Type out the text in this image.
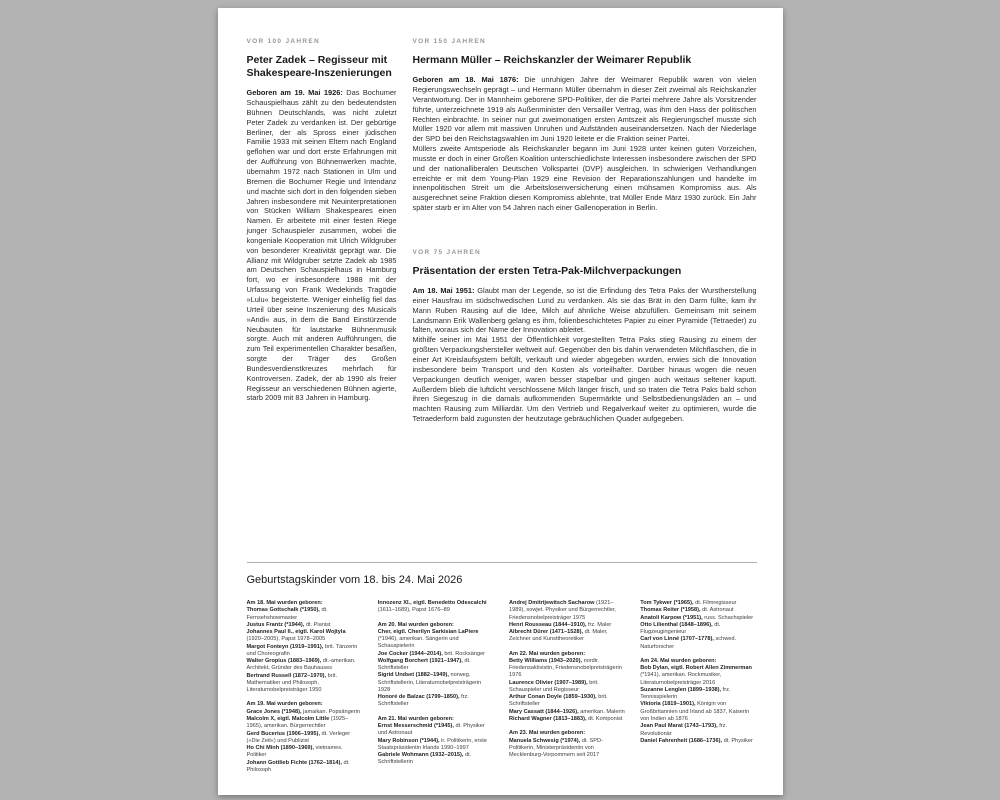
VOR 100 JAHREN
Peter Zadek – Regisseur mit Shakespeare-Inszenierungen

Geboren am 19. Mai 1926: Das Bochumer Schauspielhaus zählt zu den bedeutendsten Bühnen Deutschlands, was nicht zuletzt Peter Zadek zu verdanken ist. Der gebürtige Berliner, der als Spross einer jüdischen Familie 1933 mit seinen Eltern nach England geflohen war und dort erste Erfahrungen mit der Aufführung von Bühnenwerken machte, übernahm 1972 nach Stationen in Ulm und Bremen die Bochumer Regie und Intendanz und machte sich dort in den folgenden sieben Jahren insbesondere mit Neuinterpretationen von Stücken William Shakespeares einen Namen. Er arbeitete mit einer festen Riege junger Schauspieler zusammen, wobei die kongeniale Kooperation mit Ulrich Wildgruber von besonderer Kreativität geprägt war. Die Allianz mit Wildgruber setzte Zadek ab 1985 am Deutschen Schauspielhaus in Hamburg fort, wo er insbesondere 1988 mit der Urfassung von Frank Wedekinds Tragödie »Lulu« begeisterte. Weniger einhellig fiel das Urteil über seine Inszenierung des Musicals »Andi« aus, in dem die Band Einstürzende Neubauten für lautstarke Bühnenmusik sorgte. Auch mit anderen Aufführungen, die zum Teil experimentellen Charakter besaßen, sorgte der Träger des Großen Bundesverdienstkreuzes mehrfach für Kontroversen. Zadek, der ab 1990 als freier Regisseur an verschiedenen Bühnen agierte, starb 2009 mit 83 Jahren in Hamburg.

VOR 150 JAHREN
Hermann Müller – Reichskanzler der Weimarer Republik

Geboren am 18. Mai 1876: Die unruhigen Jahre der Weimarer Republik waren von vielen Regierungswechseln geprägt – und Hermann Müller übernahm in dieser Zeit zweimal als Reichskanzler Verantwortung. Der in Mannheim geborene SPD-Politiker, der die Partei mehrere Jahre als Vorsitzender führte, unterzeichnete 1919 als Außenminister den Versailler Vertrag, was ihm den Hass der politischen Rechten einbrachte. In seiner nur gut zweimonatigen ersten Amtszeit als Regierungschef musste sich Müller 1920 vor allem mit massiven Unruhen und Aufständen auseinandersetzen. Nach der Niederlage der SPD bei den Reichstagswahlen im Juni 1920 leitete er die Fraktion seiner Partei.

Müllers zweite Amtsperiode als Reichskanzler begann im Juni 1928 unter keinen guten Vorzeichen, musste er doch in einer Großen Koalition unterschiedlichste Interessen insbesondere zwischen der SPD und der nationalliberalen Deutschen Volkspartei (DVP) ausgleichen. In schwierigen Verhandlungen erreichte er mit dem Young-Plan 1929 eine Revision der Reparationszahlungen und handelte im innenpolitischen Streit um die Arbeitslosenversicherung einen mühsamen Kompromiss aus. Als ausgerechnet seine Fraktion diesen Kompromiss ablehnte, trat Müller Ende März 1930 zurück. Ein Jahr später starb er im Alter von 54 Jahren nach einer Gallenoperation in Berlin.

VOR 75 JAHREN
Präsentation der ersten Tetra-Pak-Milchverpackungen

Am 18. Mai 1951: Glaubt man der Legende, so ist die Erfindung des Tetra Paks der Wurstherstellung einer Hausfrau im südschwedischen Lund zu verdanken. Als sie das Brät in den Darm füllte, kam ihr Mann Ruben Rausing auf die Idee, Milch auf ähnliche Weise abzufüllen. Gemeinsam mit seinem Landsmann Erik Wallenberg gelang es ihm, folienbeschichtetes Papier zu einer Pyramide (Tetraeder) zu falten, woraus sich der Name der Innovation ableitet.

Mithilfe seiner im Mai 1951 der Öffentlichkeit vorgestellten Tetra Paks stieg Rausing zu einem der größten Verpackungshersteller weltweit auf. Gegenüber den bis dahin verwendeten Milchflaschen, die in einer Art Kreislaufsystem befüllt, verkauft und wieder abgegeben wurden, erwies sich die Innovation insbesondere beim Transport und den Kosten als vorteilhafter. Darüber hinaus wogen die neuen Verpackungen deutlich weniger, waren besser stapelbar und gingen auch weitaus seltener kaputt. Außerdem blieb die luftdicht verschlossene Milch länger frisch, und so traten die Tetra Paks bald schon ihren Siegeszug in die damals aufkommenden Supermärkte und Selbstbedienungsläden an – und machten Rausing zum Milliardär. Um den Vertrieb und Regalverkauf weiter zu optimieren, wurde die Tetraederform bald zugunsten der heutzutage gebräuchlichen Quader aufgegeben.

Geburtstagskinder vom 18. bis 24. Mai 2026
Am 18. Mai wurden geboren:
Thomas Gottschalk (*1950), dt. Fernsehshowmaster
Justus Frantz (*1944), dt. Pianist
Johannes Paul II., eigtl. Karol Wojtyla (1920–2005), Papst 1978–2005
Margot Fonteyn (1919–1991), brit. Tänzerin und Choreografin
Walter Gropius (1883–1969), dt.-amerikan. Architekt, Gründer des Bauhauses
Bertrand Russell (1872–1970), brit. Mathematiker und Philosoph, Literaturnobelpreisträger 1950
Am 19. Mai wurden geboren:
Grace Jones (*1948), jamaikan. Popsängerin
Malcolm X, eigtl. Malcolm Little (1925–1965), amerikan. Bürgerrechtler
Gerd Bucerius (1906–1995), dt. Verleger (»Die Zeit«) und Publizist
Ho Chi Minh (1890–1969), vietnames. Politiker
Johann Gottlieb Fichte (1762–1814), dt. Philosoph
Innozenz XI., eigtl. Benedetto Odescalchi (1611–1689), Papst 1676–89
Am 20. Mai wurden geboren:
Cher, eigtl. Cherilyn Sarkisian LaPiere (*1946), amerikan. Sängerin und Schauspielerin
Joe Cocker (1944–2014), brit. Rocksänger
Wolfgang Borchert (1921–1947), dt. Schriftsteller
Sigrid Undset (1882–1949), norweg. Schriftstellerin, Literaturnobelpreisträgerin 1928
Honoré de Balzac (1799–1850), frz. Schriftsteller
Am 21. Mai wurden geboren:
Ernst Messerschmid (*1945), dt. Physiker und Astronaut
Mary Robinson (*1944), ir. Politikerin, erste Staatspräsidentin Irlands 1990–1997
Gabriele Wohmann (1932–2015), dt. Schriftstellerin
Andrej Dmitrijewitsch Sacharow (1921–1989), sowjet. Physiker und Bürgerrechtler, Friedensnobelpreisträger 1975
Henri Rousseau (1844–1910), frz. Maler
Albrecht Dürer (1471–1528), dt. Maler, Zeichner und Kunsttheoretiker
Am 22. Mai wurden geboren:
Betty Williams (1943–2020), nordir. Friedensaktivistin, Friedensnobelpreisträgerin 1976
Laurence Olivier (1907–1989), brit. Schauspieler und Regisseur
Arthur Conan Doyle (1859–1930), brit. Schriftsteller
Mary Cassatt (1844–1926), amerikan. Malerin
Richard Wagner (1813–1883), dt. Komponist
Am 23. Mai wurden geboren:
Manuela Schwesig (*1974), dt. SPD-Politikerin, Ministerpräsidentin von Mecklenburg-Vorpommern seit 2017
Tom Tykwer (*1965), dt. Filmregisseur
Thomas Reiter (*1958), dt. Astronaut
Anatoli Karpow (*1951), russ. Schachspieler
Otto Lilienthal (1848–1896), dt. Flugzeugingenieur
Carl von Linné (1707–1778), schwed. Naturforscher
Am 24. Mai wurden geboren:
Bob Dylan, eigtl. Robert Allen Zimmerman (*1941), amerikan. Rockmusiker, Literaturnobelpreisträger 2016
Suzanne Lenglen (1899–1938), frz. Tennisspielerin
Viktoria (1819–1901), Königin von Großbritannien und Irland ab 1837, Kaiserin von Indien ab 1876
Jean Paul Marat (1743–1793), frz. Revolutionär
Daniel Fahrenheit (1686–1736), dt. Physiker
